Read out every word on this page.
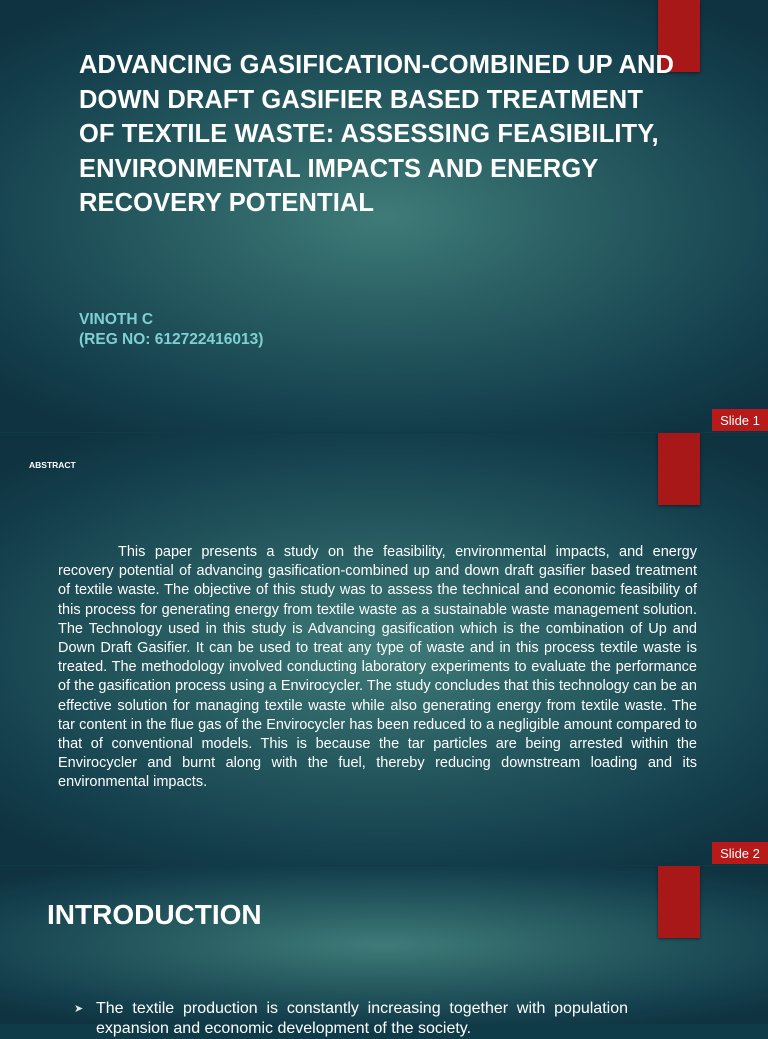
ADVANCING GASIFICATION-COMBINED UP AND DOWN DRAFT GASIFIER BASED TREATMENT OF TEXTILE WASTE: ASSESSING FEASIBILITY, ENVIRONMENTAL IMPACTS AND ENERGY RECOVERY POTENTIAL
VINOTH C
(REG NO: 612722416013)
Slide 1
ABSTRACT
This paper presents a study on the feasibility, environmental impacts, and energy recovery potential of advancing gasification-combined up and down draft gasifier based treatment of textile waste. The objective of this study was to assess the technical and economic feasibility of this process for generating energy from textile waste as a sustainable waste management solution. The Technology used in this study is Advancing gasification which is the combination of Up and Down Draft Gasifier. It can be used to treat any type of waste and in this process textile waste is treated. The methodology involved conducting laboratory experiments to evaluate the performance of the gasification process using a Envirocycler. The study concludes that this technology can be an effective solution for managing textile waste while also generating energy from textile waste. The tar content in the flue gas of the Envirocycler has been reduced to a negligible amount compared to that of conventional models. This is because the tar particles are being arrested within the Envirocycler and burnt along with the fuel, thereby reducing downstream loading and its environmental impacts.
Slide 2
INTRODUCTION
➤ The textile production is constantly increasing together with population expansion and economic development of the society.
